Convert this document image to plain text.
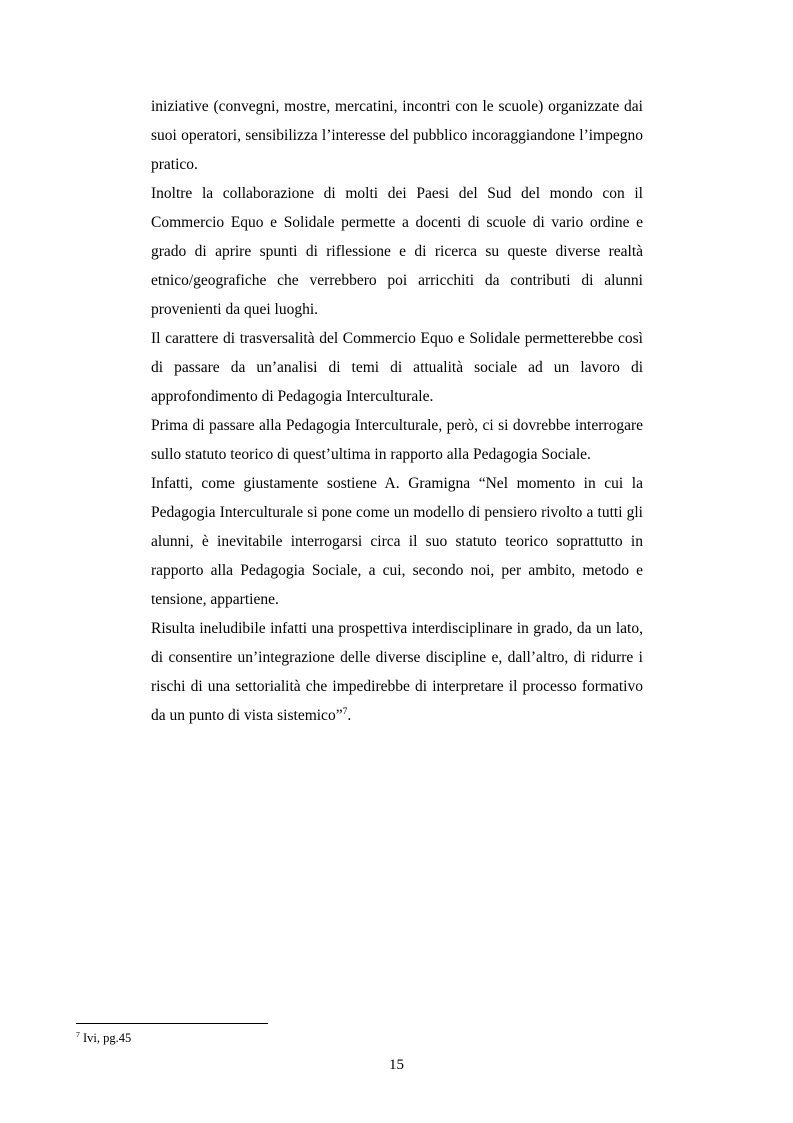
iniziative (convegni, mostre, mercatini, incontri con le scuole) organizzate dai suoi operatori, sensibilizza l’interesse del pubblico incoraggiandone l’impegno pratico.

Inoltre la collaborazione di molti dei Paesi del Sud del mondo con il Commercio Equo e Solidale permette a docenti di scuole di vario ordine e grado di aprire spunti di riflessione e di ricerca su queste diverse realtà etnico/geografiche che verrebbero poi arricchiti da contributi di alunni provenienti da quei luoghi.

Il carattere di trasversalità del Commercio Equo e Solidale permetterebbe così di passare da un’analisi di temi di attualità sociale ad un lavoro di approfondimento di Pedagogia Interculturale.

Prima di passare alla Pedagogia Interculturale, però, ci si dovrebbe interrogare sullo statuto teorico di quest’ultima in rapporto alla Pedagogia Sociale.

Infatti, come giustamente sostiene A. Gramigna “Nel momento in cui la Pedagogia Interculturale si pone come un modello di pensiero rivolto a tutti gli alunni, è inevitabile interrogarsi circa il suo statuto teorico soprattutto in rapporto alla Pedagogia Sociale, a cui, secondo noi, per ambito, metodo e tensione, appartiene.

Risulta ineludibile infatti una prospettiva interdisciplinare in grado, da un lato, di consentire un’integrazione delle diverse discipline e, dall’altro, di ridurre i rischi di una settorialità che impedirebbe di interpretare il processo formativo da un punto di vista sistemico”$^7$.

$^7$ Ivi, pg.45
15
